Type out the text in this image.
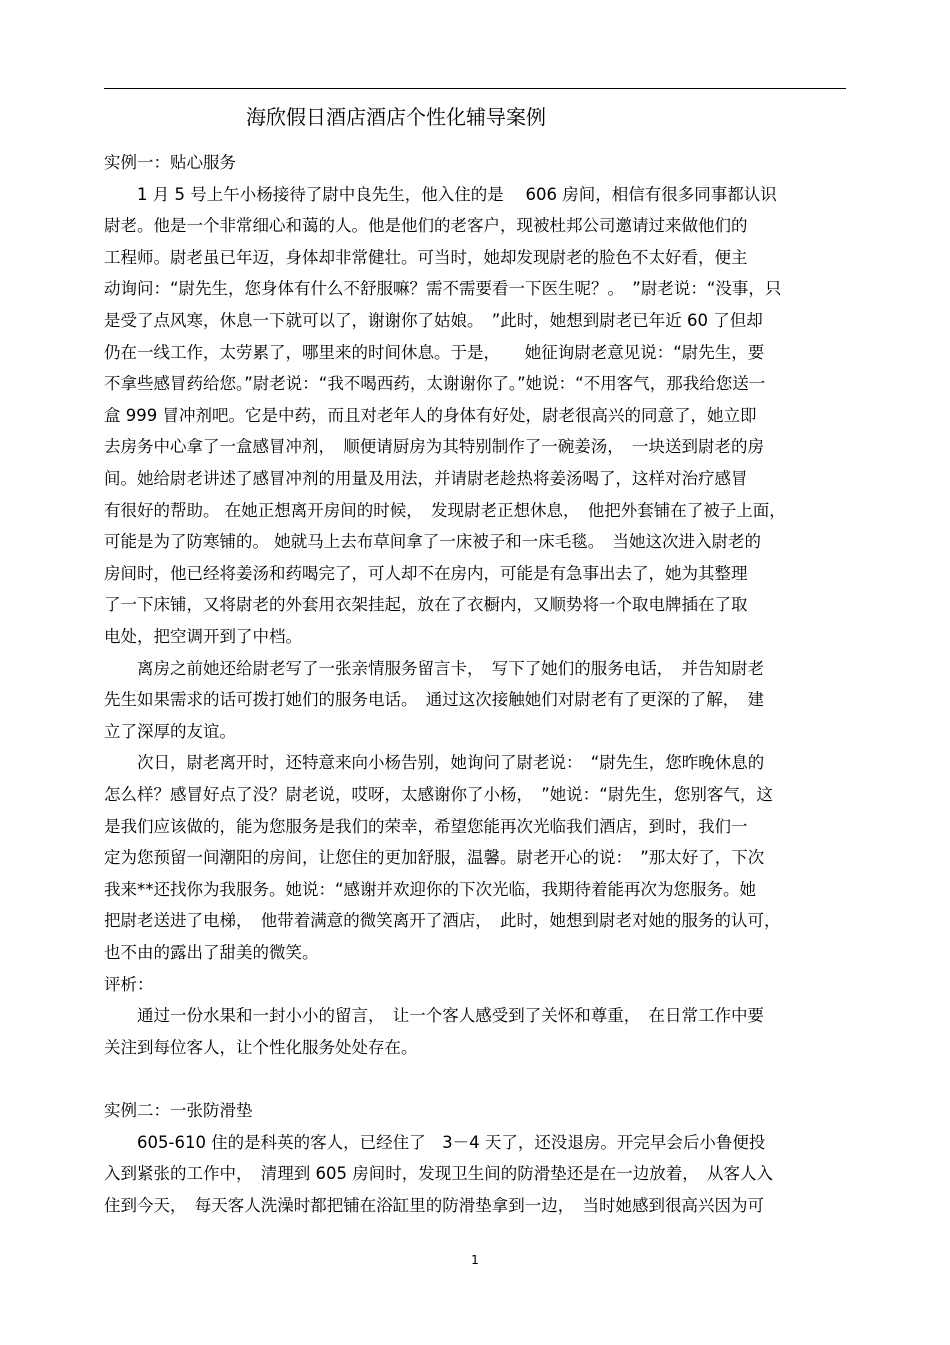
海欣假日酒店酒店个性化辅导案例
实例一：贴心服务
　　1 月 5 号上午小杨接待了尉中良先生，他入住的是　 606 房间，相信有很多同事都认识
尉老。他是一个非常细心和蔼的人。他是他们的老客户，现被杜邦公司邀请过来做他们的
工程师。尉老虽已年迈，身体却非常健壮。可当时，她却发现尉老的脸色不太好看，便主
动询问：“尉先生，您身体有什么不舒服嘛？需不需要看一下医生呢？。　”尉老说：“没事，只
是受了点风寒，休息一下就可以了，谢谢你了姑娘。　”此时，她想到尉老已年近 60 了但却
仍在一线工作，太劳累了，哪里来的时间休息。于是，　　她征询尉老意见说：“尉先生，要
不拿些感冒药给您。”尉老说：“我不喝西药，太谢谢你了。”她说：“不用客气，那我给您送一
盒 999 冒冲剂吧。它是中药，而且对老年人的身体有好处，尉老很高兴的同意了，她立即
去房务中心拿了一盒感冒冲剂，　顺便请厨房为其特别制作了一碗姜汤，　一块送到尉老的房
间。她给尉老讲述了感冒冲剂的用量及用法，并请尉老趁热将姜汤喝了，这样对治疗感冒
有很好的帮助。 在她正想离开房间的时候，　发现尉老正想休息，　他把外套铺在了被子上面，
可能是为了防寒铺的。 她就马上去布草间拿了一床被子和一床毛毯。　当她这次进入尉老的
房间时，他已经将姜汤和药喝完了，可人却不在房内，可能是有急事出去了，她为其整理
了一下床铺，又将尉老的外套用衣架挂起，放在了衣橱内，又顺势将一个取电牌插在了取
电处，把空调开到了中档。
　　离房之前她还给尉老写了一张亲情服务留言卡，　写下了她们的服务电话，　并告知尉老
先生如果需求的话可拨打她们的服务电话。　通过这次接触她们对尉老有了更深的了解，　建
立了深厚的友谊。
　　次日，尉老离开时，还特意来向小杨告别，她询问了尉老说：　“尉先生，您昨晚休息的
怎么样？感冒好点了没？尉老说，哎呀，太感谢你了小杨，　”她说：“尉先生，您别客气，这
是我们应该做的，能为您服务是我们的荣幸，希望您能再次光临我们酒店，到时，我们一
定为您预留一间潮阳的房间，让您住的更加舒服，温馨。尉老开心的说：　”那太好了，下次
我来**还找你为我服务。她说：“感谢并欢迎你的下次光临，我期待着能再次为您服务。她
把尉老送进了电梯，　他带着满意的微笑离开了酒店，　此时，她想到尉老对她的服务的认可，
也不由的露出了甜美的微笑。
评析：
　　通过一份水果和一封小小的留言，　让一个客人感受到了关怀和尊重，　在日常工作中要
关注到每位客人，让个性化服务处处存在。
实例二：一张防滑垫
　　605-610 住的是科英的客人，已经住了　3－4 天了，还没退房。开完早会后小鲁便投
入到紧张的工作中，　清理到 605 房间时，发现卫生间的防滑垫还是在一边放着，　从客人入
住到今天，　每天客人洗澡时都把铺在浴缸里的防滑垫拿到一边，　当时她感到很高兴因为可
1
